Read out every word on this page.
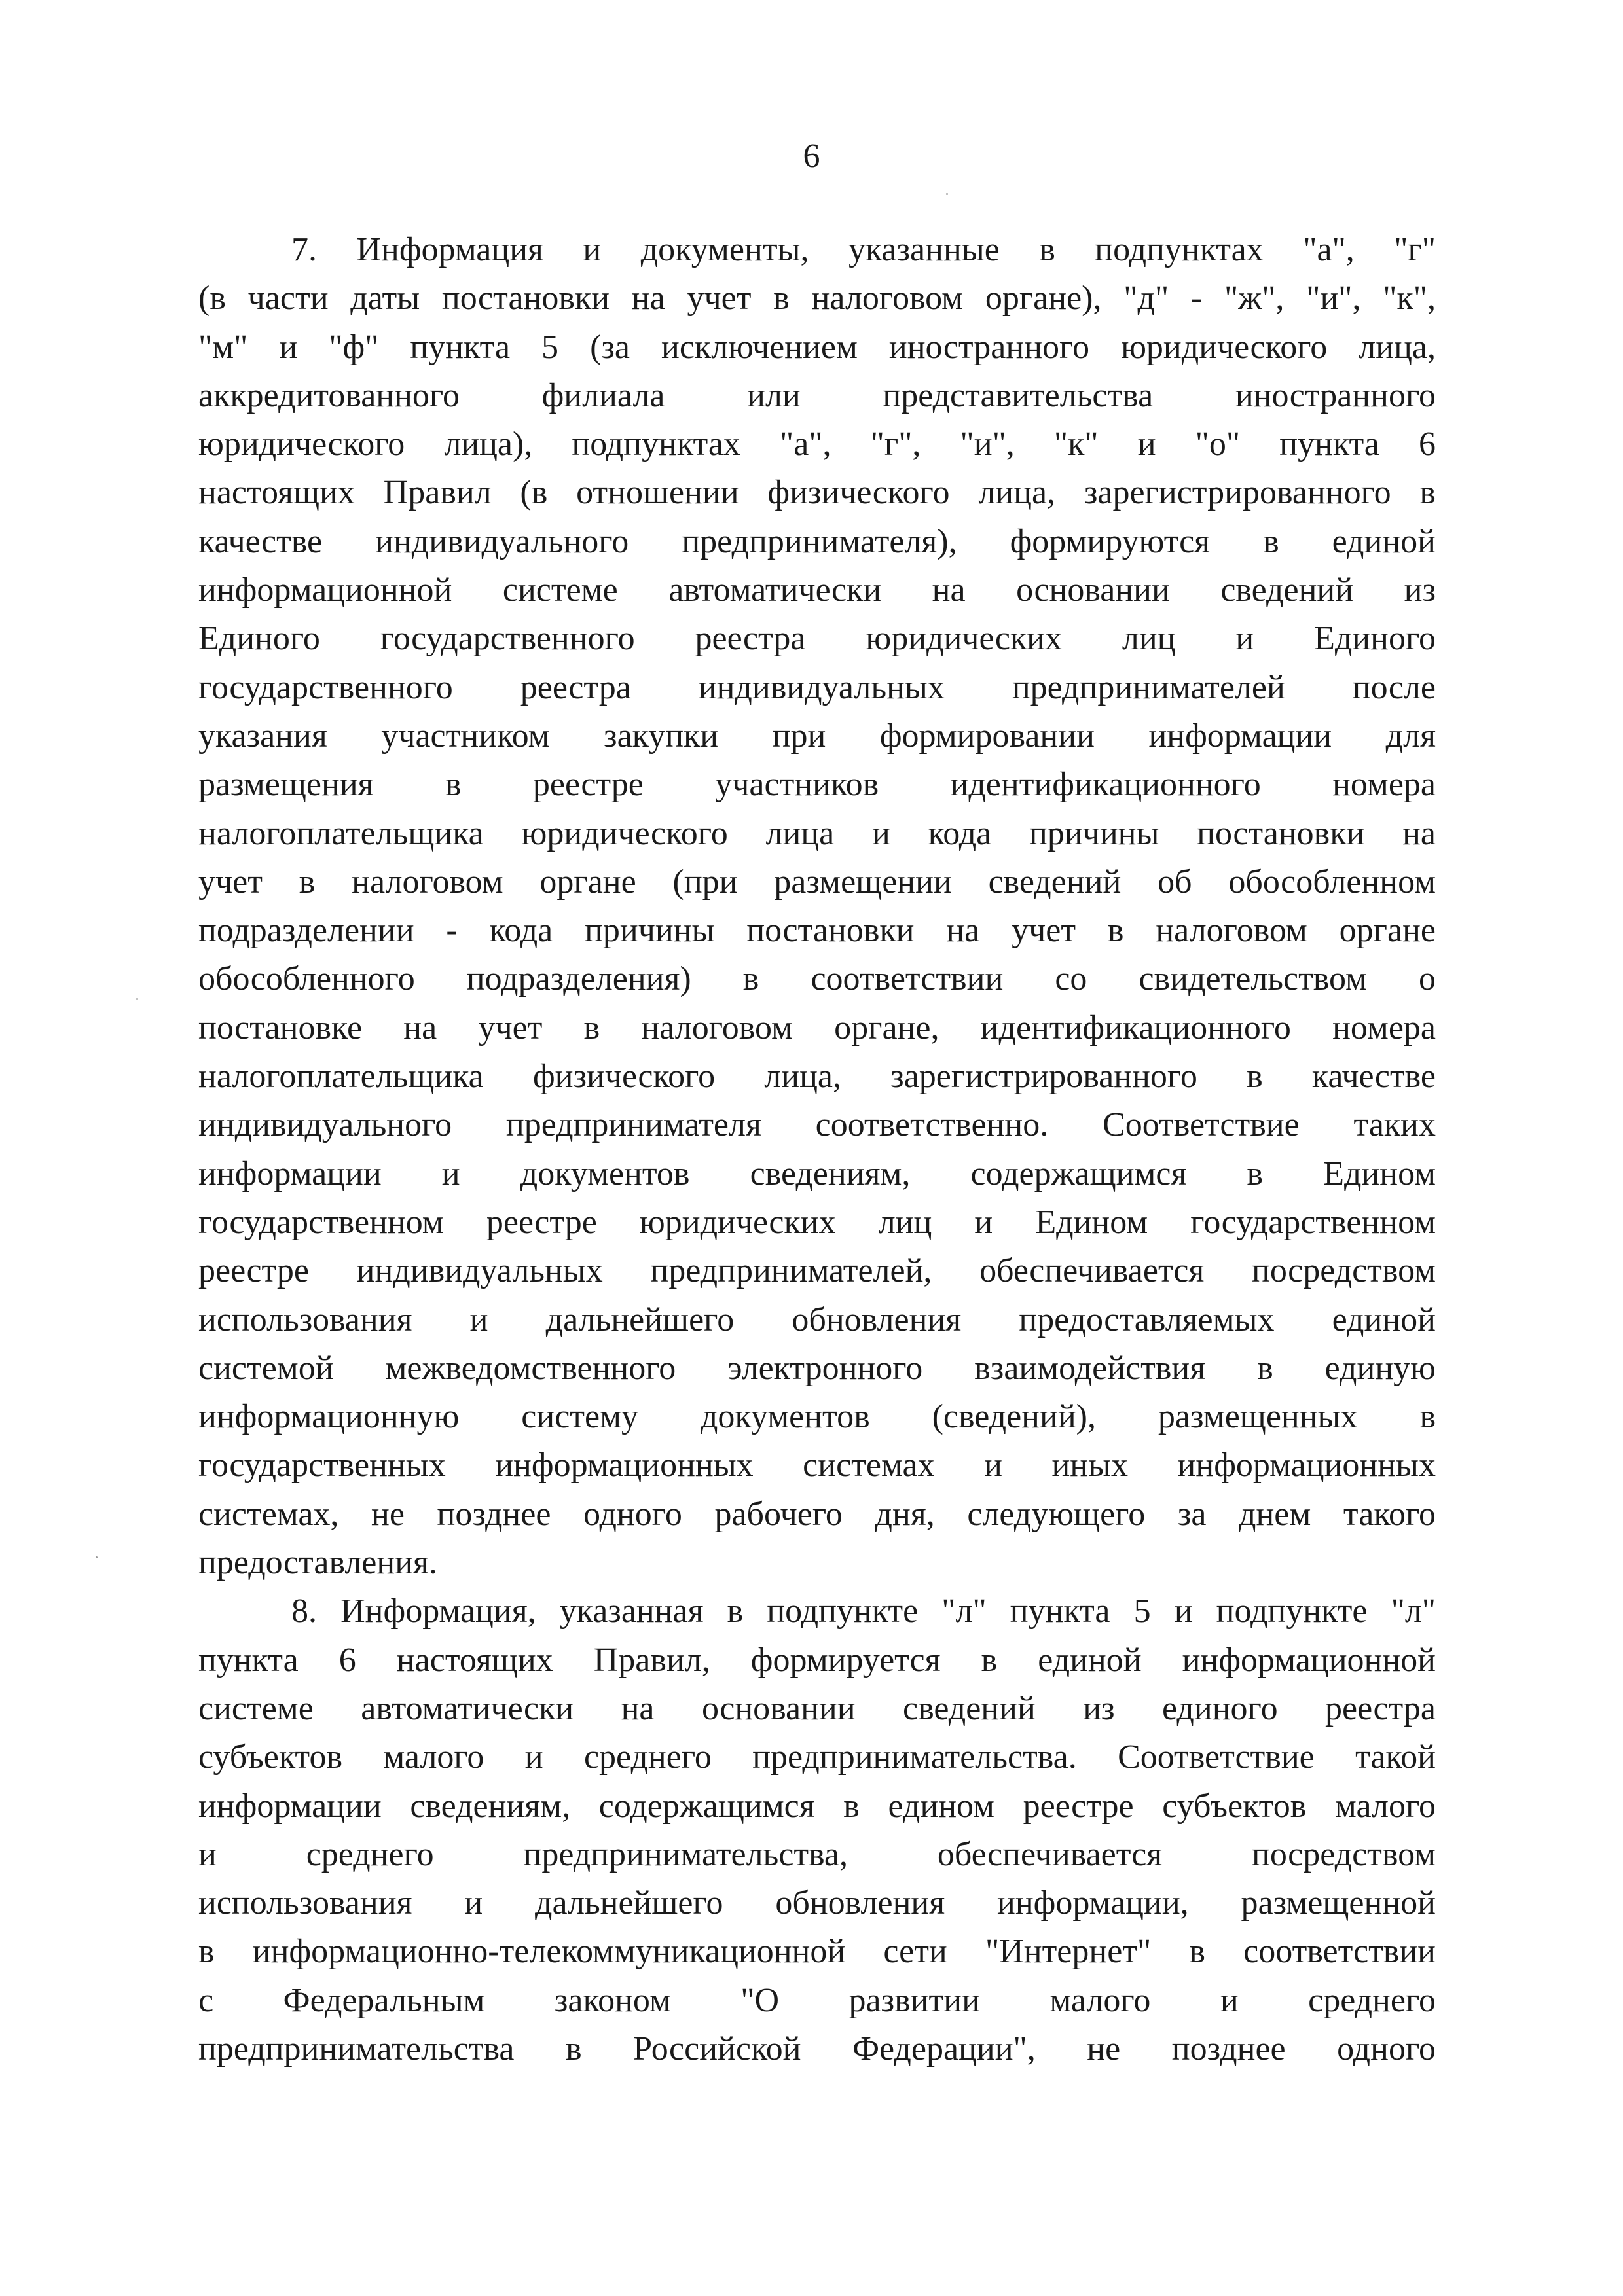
6
7. Информация и документы, указанные в подпунктах "а", "г"
(в части даты постановки на учет в налоговом органе), "д" - "ж", "и", "к",
"м" и "ф" пункта 5 (за исключением иностранного юридического лица,
аккредитованного филиала или представительства иностранного
юридического лица), подпунктах "а", "г", "и", "к" и "о" пункта 6
настоящих Правил (в отношении физического лица, зарегистрированного в
качестве индивидуального предпринимателя), формируются в единой
информационной системе автоматически на основании сведений из
Единого государственного реестра юридических лиц и Единого
государственного реестра индивидуальных предпринимателей после
указания участником закупки при формировании информации для
размещения в реестре участников идентификационного номера
налогоплательщика юридического лица и кода причины постановки на
учет в налоговом органе (при размещении сведений об обособленном
подразделении - кода причины постановки на учет в налоговом органе
обособленного подразделения) в соответствии со свидетельством о
постановке на учет в налоговом органе, идентификационного номера
налогоплательщика физического лица, зарегистрированного в качестве
индивидуального предпринимателя соответственно. Соответствие таких
информации и документов сведениям, содержащимся в Едином
государственном реестре юридических лиц и Едином государственном
реестре индивидуальных предпринимателей, обеспечивается посредством
использования и дальнейшего обновления предоставляемых единой
системой межведомственного электронного взаимодействия в единую
информационную систему документов (сведений), размещенных в
государственных информационных системах и иных информационных
системах, не позднее одного рабочего дня, следующего за днем такого
предоставления.
8. Информация, указанная в подпункте "л" пункта 5 и подпункте "л"
пункта 6 настоящих Правил, формируется в единой информационной
системе автоматически на основании сведений из единого реестра
субъектов малого и среднего предпринимательства. Соответствие такой
информации сведениям, содержащимся в едином реестре субъектов малого
и среднего предпринимательства, обеспечивается посредством
использования и дальнейшего обновления информации, размещенной
в информационно-телекоммуникационной сети "Интернет" в соответствии
с Федеральным законом "О развитии малого и среднего
предпринимательства в Российской Федерации", не позднее одного
